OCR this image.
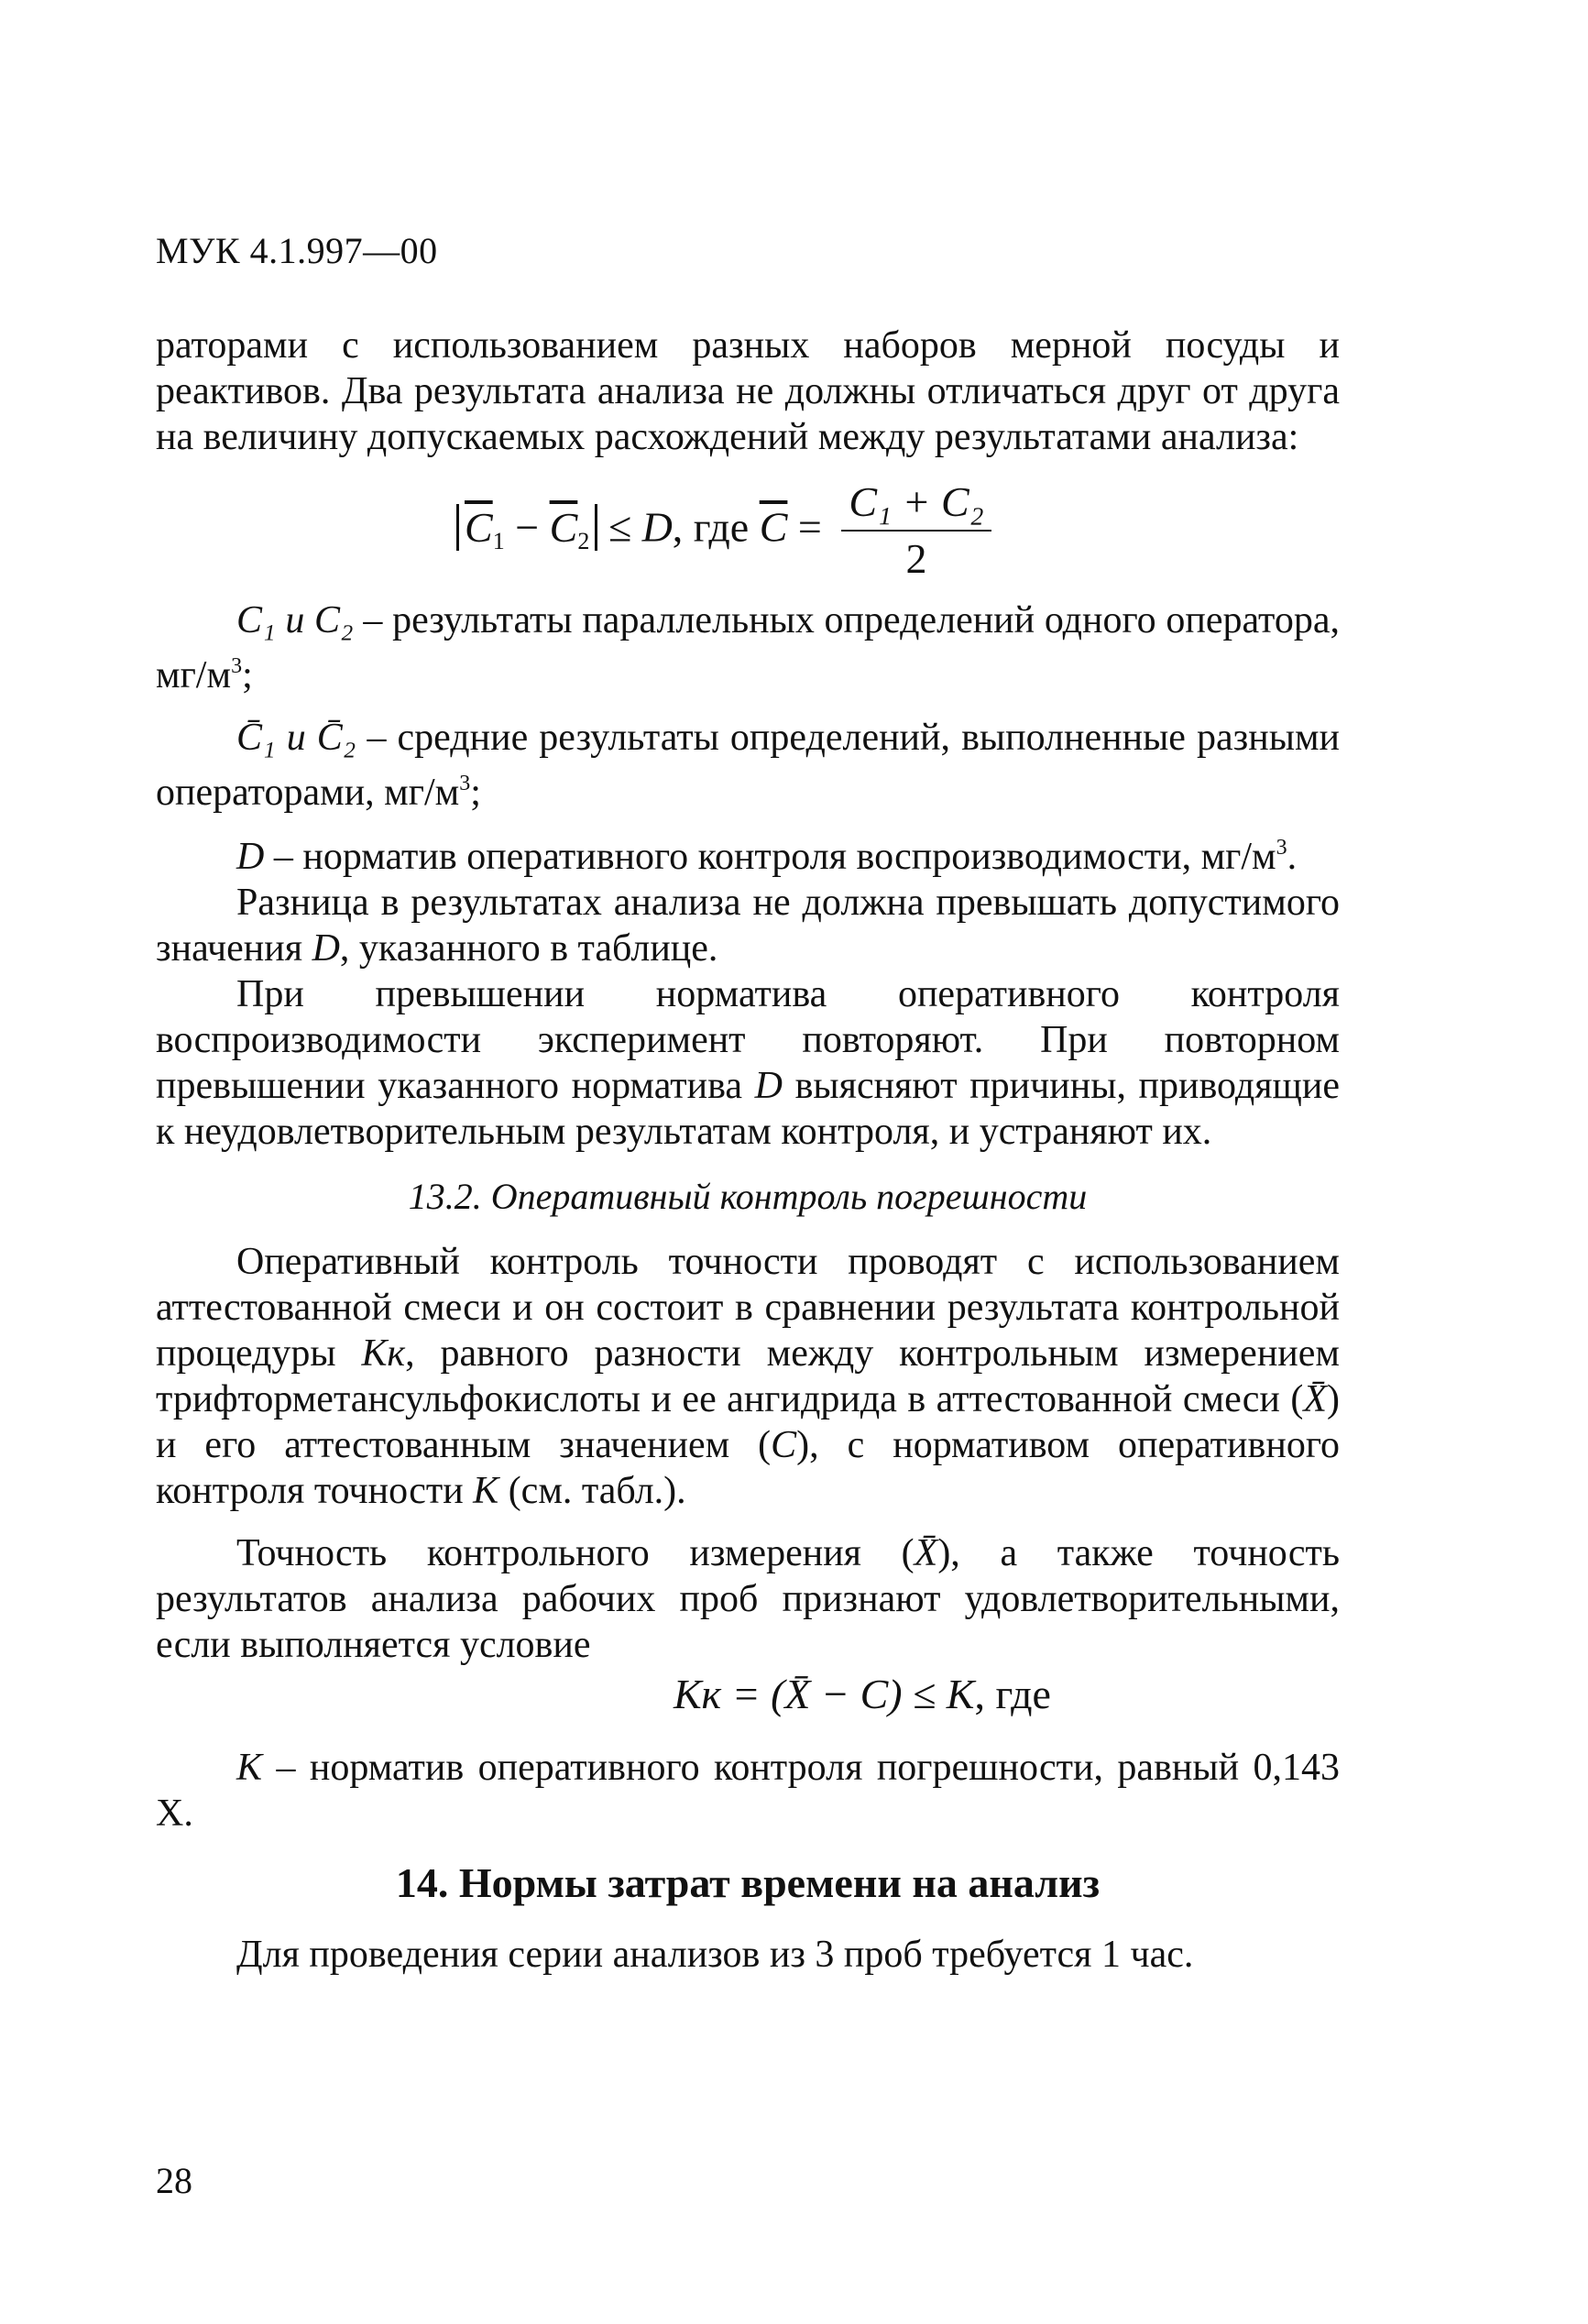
МУК 4.1.997—00

раторами с использованием разных наборов мерной посуды и реактивов. Два результата анализа не должны отличаться друг от друга на величину допускаемых расхождений между результатами анализа:

$\overline{C}_1 - \overline{C}_2 \le D$, где $\overline{C} = \frac{\text{C₁ + C₂}}{2}$

C₁ и C₂ – результаты параллельных определений одного оператора, $мг/м^3$;

C̄₁ и C̄₂ – средние результаты определений, выполненные разными операторами, $мг/м^3$;

D – норматив оперативного контроля воспроизводимости, $мг/м^3$.

Разница в результатах анализа не должна превышать допустимого значения D, указанного в таблице.

При превышении норматива оперативного контроля воспроизводимости эксперимент повторяют. При повторном превышении указанного норматива D выясняют причины, приводящие к неудовлетворительным результатам контроля, и устраняют их.

13.2. Оперативный контроль погрешности

Оперативный контроль точности проводят с использованием аттестованной смеси и он состоит в сравнении результата контрольной процедуры Кк, равного разности между контрольным измерением трифторметансульфокислоты и ее ангидрида в аттестованной смеси (X̄) и его аттестованным значением (C), с нормативом оперативного контроля точности K (см. табл.).

Точность контрольного измерения (X̄), а также точность результатов анализа рабочих проб признают удовлетворительными, если выполняется условие

Кк = (X̄ − C) ≤ K, где

K – норматив оперативного контроля погрешности, равный 0,143 Х.

14. Нормы затрат времени на анализ

Для проведения серии анализов из 3 проб требуется 1 час.

28
